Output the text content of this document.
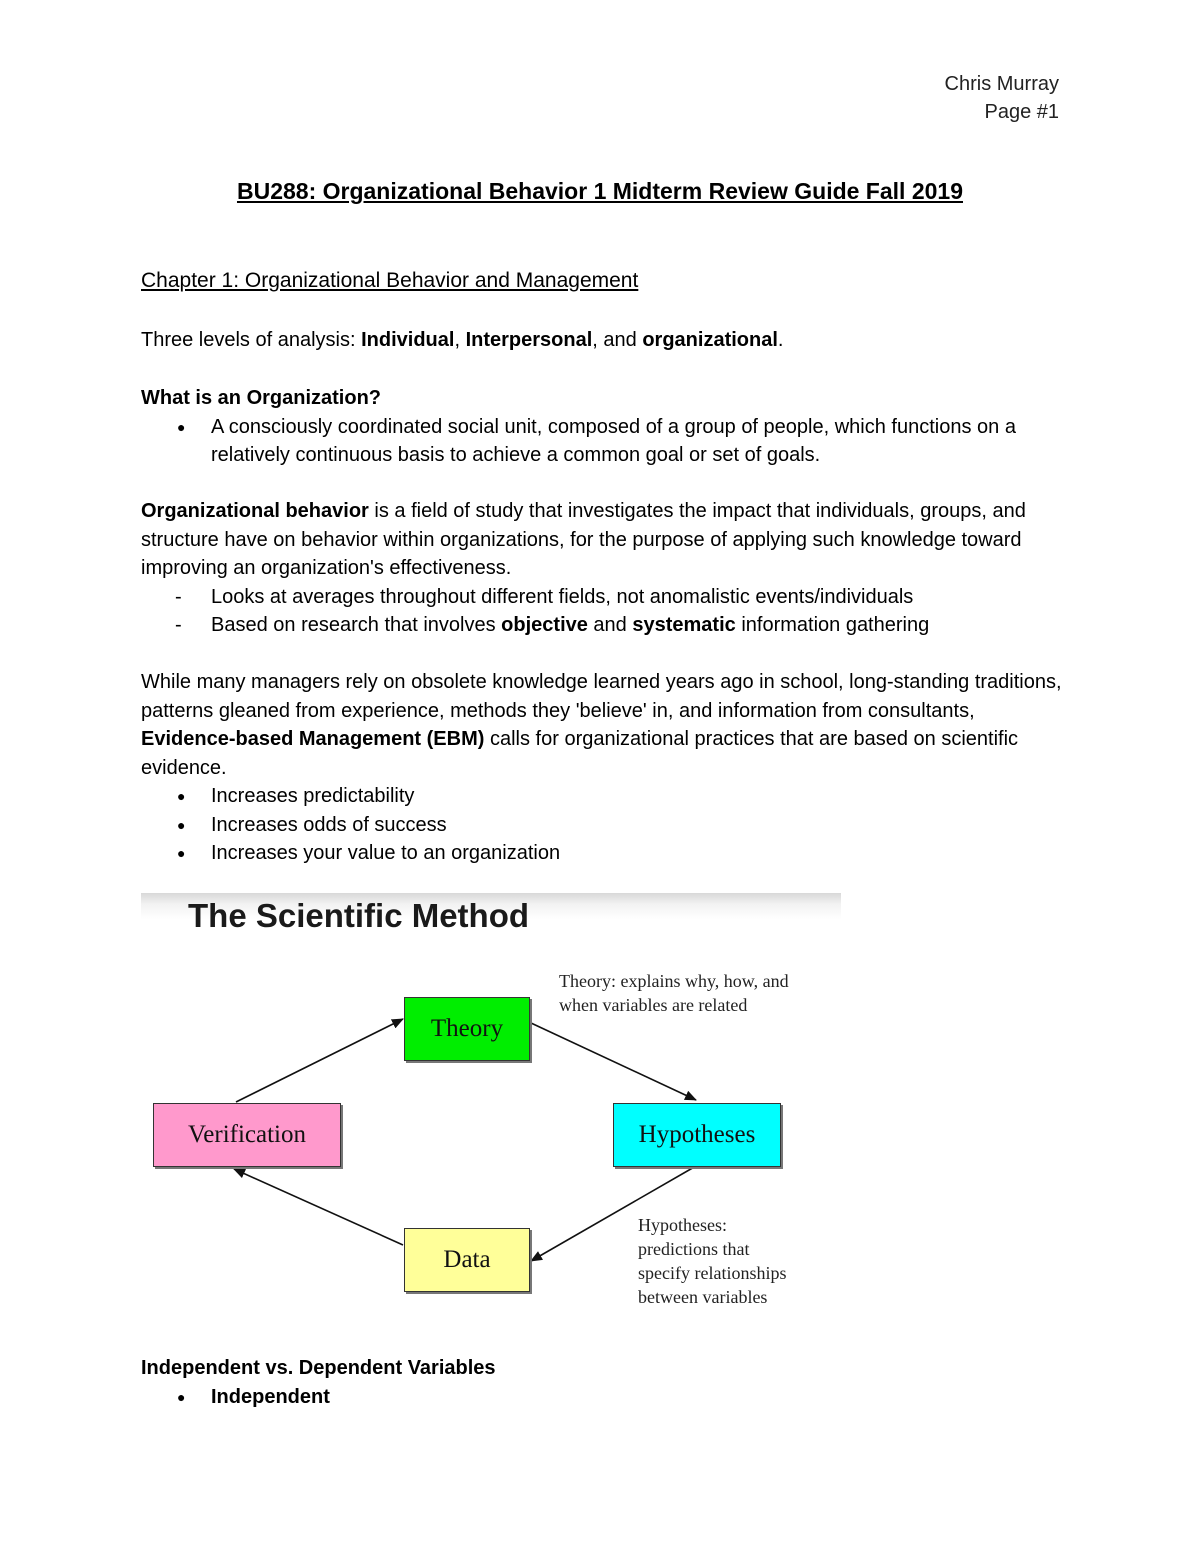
Chris Murray
Page #1
BU288: Organizational Behavior 1 Midterm Review Guide Fall 2019
Chapter 1: Organizational Behavior and Management
Three levels of analysis: Individual, Interpersonal, and organizational.
What is an Organization?
● A consciously coordinated social unit, composed of a group of people, which functions on a relatively continuous basis to achieve a common goal or set of goals.
Organizational behavior is a field of study that investigates the impact that individuals, groups, and structure have on behavior within organizations, for the purpose of applying such knowledge toward improving an organization's effectiveness.
- Looks at averages throughout different fields, not anomalistic events/individuals
- Based on research that involves objective and systematic information gathering
While many managers rely on obsolete knowledge learned years ago in school, long-standing traditions, patterns gleaned from experience, methods they 'believe' in, and information from consultants, Evidence-based Management (EBM) calls for organizational practices that are based on scientific evidence.
● Increases predictability
● Increases odds of success
● Increases your value to an organization
The Scientific Method
Theory
Hypotheses
Data
Verification
Theory: explains why, how, and
when variables are related
Hypotheses:
predictions that
specify relationships
between variables
Independent vs. Dependent Variables
● Independent
